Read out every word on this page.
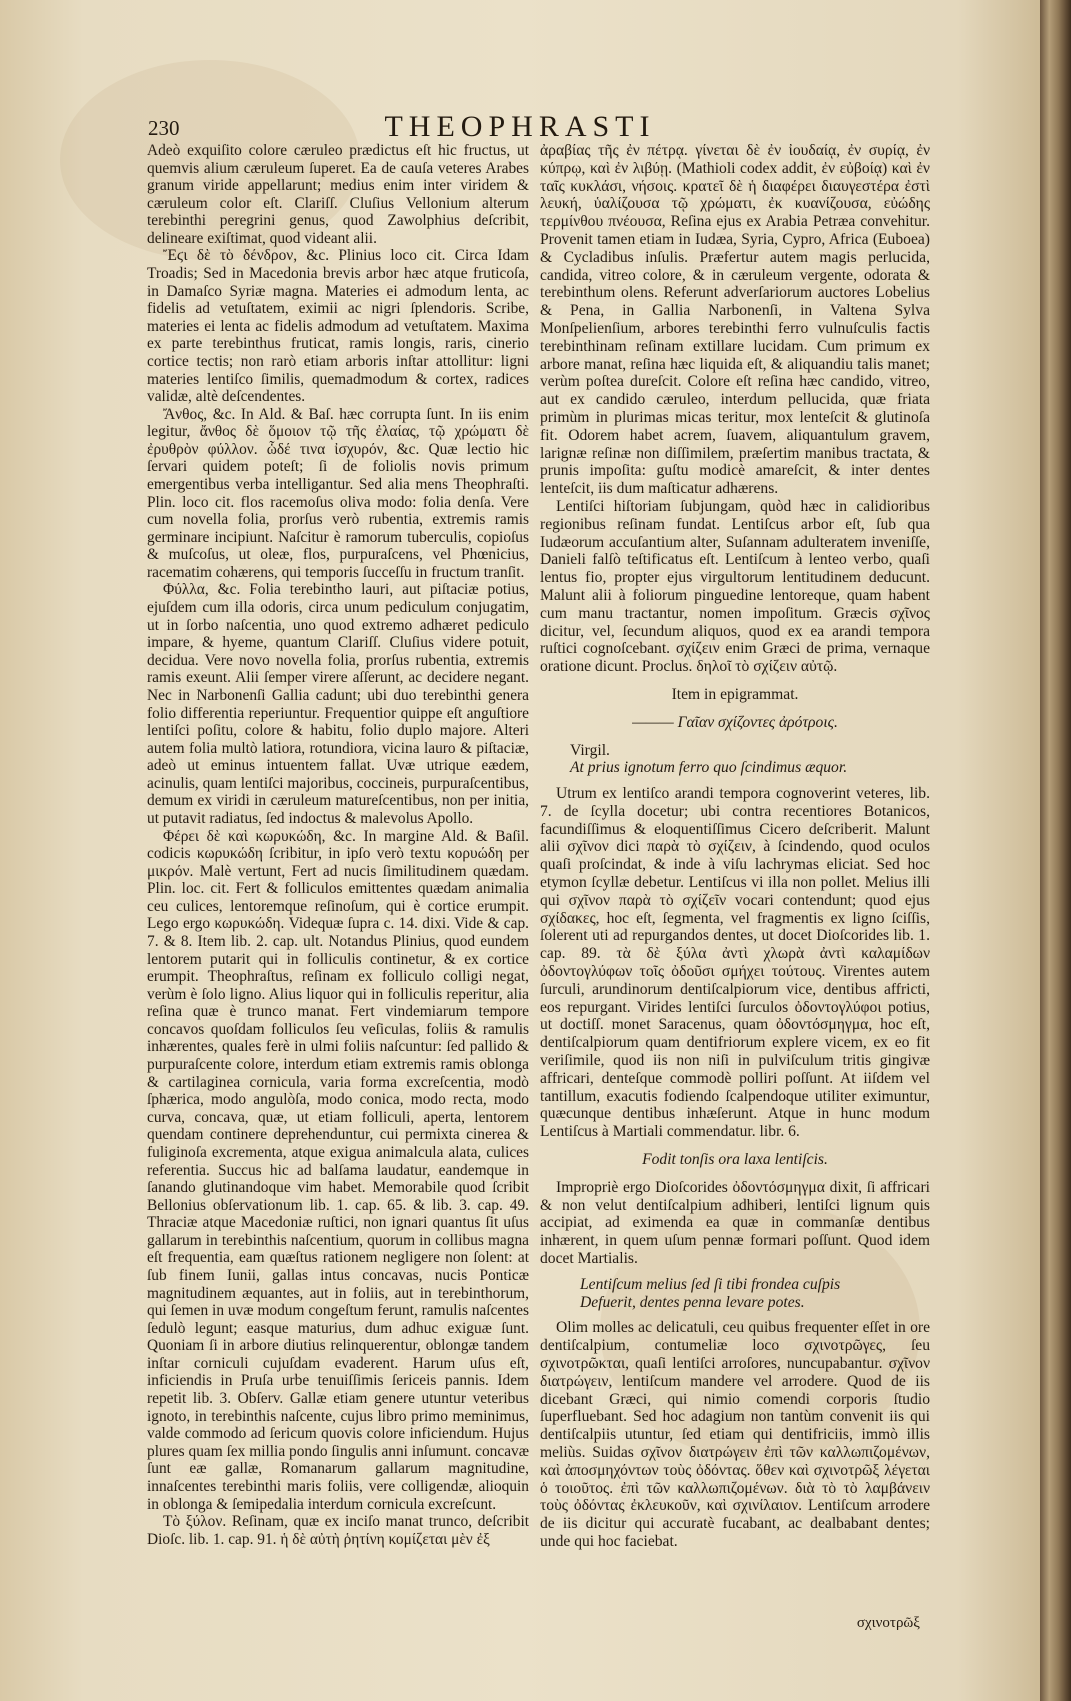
230	THEOPHRASTI

Adeò exquiſito colore cæruleo prædictus eſt hic fructus, ut quemvis alium cæruleum ſuperet. Ea de cauſa veteres Arabes granum viride appellarunt; medius enim inter viridem & cæruleum color eſt. Clariſſ. Cluſius Vellonium alterum terebinthi peregrini genus, quod Zawolphius deſcribit, delineare exiſtimat, quod videant alii.

Ἔϛι δὲ τὸ δένδρον, &c. Plinius loco cit. Circa Idam Troadis; Sed in Macedonia brevis arbor hæc atque fruticoſa, in Damaſco Syriæ magna. Materies ei admodum lenta, ac fidelis ad vetuſtatem, eximii ac nigri ſplendoris. Scribe, materies ei lenta ac fidelis admodum ad vetuſtatem. Maxima ex parte terebinthus fruticat, ramis longis, raris, cinerio cortice tectis; non rarò etiam arboris inſtar attollitur: ligni materies lentiſco ſimilis, quemadmodum & cortex, radices validæ, altè deſcendentes.

Ἄνθος, &c. In Ald. & Baſ. hæc corrupta ſunt. In iis enim legitur, ἄνθος δὲ ὅμοιον τῷ τῆς ἐλαίας, τῷ χρώματι δὲ ἐρυθρὸν φύλλον. ὧδέ τινα ἰσχυρόν, &c. Quæ lectio hic ſervari quidem poteſt; ſi de foliolis novis primum emergentibus verba intelligantur. Sed alia mens Theophraſti. Plin. loco cit. flos racemoſus oliva modo: folia denſa. Vere cum novella folia, prorſus verò rubentia, extremis ramis germinare incipiunt. Naſcitur è ramorum tuberculis, copioſus & muſcoſus, ut oleæ, flos, purpuraſcens, vel Phœnicius, racematim cohærens, qui temporis ſucceſſu in fructum tranſit.

Φύλλα, &c. Folia terebintho lauri, aut piſtaciæ potius, ejuſdem cum illa odoris, circa unum pediculum conjugatim, ut in ſorbo naſcentia, uno quod extremo adhæret pediculo impare, & hyeme, quantum Clariſſ. Cluſius videre potuit, decidua. Vere novo novella folia, prorſus rubentia, extremis ramis exeunt. Alii ſemper virere aſſerunt, ac decidere negant. Nec in Narbonenſi Gallia cadunt; ubi duo terebinthi genera folio differentia reperiuntur. Frequentior quippe eſt anguſtiore lentiſci poſitu, colore & habitu, folio duplo majore. Alteri autem folia multò latiora, rotundiora, vicina lauro & piſtaciæ, adeò ut eminus intuentem fallat. Uvæ utrique eædem, acinulis, quam lentiſci majoribus, coccineis, purpuraſcentibus, demum ex viridi in cæruleum matureſcentibus, non per initia, ut putavit radiatus, ſed indoctus & malevolus Apollo.

Φέρει δὲ καὶ κωρυκώδη, &c. In margine Ald. & Baſil. codicis κωρυκώδη ſcribitur, in ipſo verò textu κορυώδη per μικρόν. Malè vertunt, Fert ad nucis ſimilitudinem quædam. Plin. loc. cit. Fert & folliculos emittentes quædam animalia ceu culices, lentoremque reſinoſum, qui è cortice erumpit. Lego ergo κωρυκώδη. Videquæ ſupra c. 14. dixi. Vide & cap. 7. & 8. Item lib. 2. cap. ult. Notandus Plinius, quod eundem lentorem putarit qui in folliculis continetur, & ex cortice erumpit. Theophraſtus, reſinam ex folliculo colligi negat, verùm è ſolo ligno. Alius liquor qui in folliculis reperitur, alia reſina quæ è trunco manat. Fert vindemiarum tempore concavos quoſdam folliculos ſeu veſiculas, foliis & ramulis inhærentes, quales ferè in ulmi foliis naſcuntur: ſed pallido & purpuraſcente colore, interdum etiam extremis ramis oblonga & cartilaginea cornicula, varia forma excreſcentia, modò ſphærica, modo angulòſa, modo conica, modo recta, modo curva, concava, quæ, ut etiam folliculi, aperta, lentorem quendam continere deprehenduntur, cui permixta cinerea & fuliginoſa excrementa, atque exigua animalcula alata, culices referentia. Succus hic ad balſama laudatur, eandemque in ſanando glutinandoque vim habet. Memorabile quod ſcribit Bellonius obſervationum lib. 1. cap. 65. & lib. 3. cap. 49. Thraciæ atque Macedoniæ ruſtici, non ignari quantus ſit uſus gallarum in terebinthis naſcentium, quorum in collibus magna eſt frequentia, eam quæſtus rationem negligere non ſolent: at ſub finem Iunii, gallas intus concavas, nucis Ponticæ magnitudinem æquantes, aut in foliis, aut in terebinthorum, qui ſemen in uvæ modum congeſtum ferunt, ramulis naſcentes ſedulò legunt; easque maturius, dum adhuc exiguæ ſunt. Quoniam ſi in arbore diutius relinquerentur, oblongæ tandem inſtar corniculi cujuſdam evaderent. Harum uſus eſt, inficiendis in Pruſa urbe tenuiſſimis ſericeis pannis. Idem repetit lib. 3. Obſerv. Gallæ etiam genere utuntur veteribus ignoto, in terebinthis naſcente, cujus libro primo meminimus, valde commodo ad ſericum quovis colore inficiendum. Hujus plures quam ſex millia pondo ſingulis anni inſumunt. concavæ ſunt eæ gallæ, Romanarum gallarum magnitudine, innaſcentes terebinthi maris foliis, vere colligendæ, alioquin in oblonga & ſemipedalia interdum cornicula excreſcunt.

Τὸ ξύλον. Reſinam, quæ ex inciſo manat trunco, deſcribit Dioſc. lib. 1. cap. 91. ἡ δὲ αὐτὴ ῥητίνη κομίζεται μὲν ἐξ

ἀραβίας τῆς ἐν πέτρᾳ. γίνεται δὲ ἐν ἰουδαίᾳ, ἐν συρίᾳ, ἐν κύπρῳ, καὶ ἐν λιβύῃ. (Mathioli codex addit, ἐν εὐβοίᾳ) καὶ ἐν ταῖς κυκλάσι, νήσοις. κρατεῖ δὲ ἡ διαφέρει διαυγεστέρα ἐστὶ λευκή, ὑαλίζουσα τῷ χρώματι, ἐκ κυανίζουσα, εὐώδης τερμίνθου πνέουσα, Reſina ejus ex Arabia Petræa convehitur. Provenit tamen etiam in Iudæa, Syria, Cypro, Africa (Euboea) & Cycladibus inſulis. Præfertur autem magis perlucida, candida, vitreo colore, & in cæruleum vergente, odorata & terebinthum olens. Referunt adverſariorum auctores Lobelius & Pena, in Gallia Narbonenſi, in Valtena Sylva Monſpelienſium, arbores terebinthi ferro vulnuſculis factis terebinthinam reſinam extillare lucidam. Cum primum ex arbore manat, reſina hæc liquida eſt, & aliquandiu talis manet; verùm poſtea dureſcit. Colore eſt reſina hæc candido, vitreo, aut ex candido cæruleo, interdum pellucida, quæ friata primùm in plurimas micas teritur, mox lenteſcit & glutinoſa fit. Odorem habet acrem, ſuavem, aliquantulum gravem, larignæ reſinæ non diſſimilem, præſertim manibus tractata, & prunis impoſita: guſtu modicè amareſcit, & inter dentes lenteſcit, iis dum maſticatur adhærens.

Lentiſci hiſtoriam ſubjungam, quòd hæc in calidioribus regionibus reſinam fundat. Lentiſcus arbor eſt, ſub qua Iudæorum accuſantium alter, Suſannam adulteratem inveniſſe, Danieli falſò teſtificatus eſt. Lentiſcum à lenteo verbo, quaſi lentus fio, propter ejus virgultorum lentitudinem deducunt. Malunt alii à foliorum pinguedine lentoreque, quam habent cum manu tractantur, nomen impoſitum. Græcis σχῖνος dicitur, vel, ſecundum aliquos, quod ex ea arandi tempora ruſtici cognoſcebant. σχίζειν enim Græci de prima, vernaque oratione dicunt. Proclus. δηλοῖ τὸ σχίζειν αὐτῷ.

Item in epigrammat.
——— Γαῖαν σχίζοντες ἀρότροις.
Virgil.
At prius ignotum ferro quo ſcindimus æquor.

Utrum ex lentiſco arandi tempora cognoverint veteres, lib. 7. de ſcylla docetur; ubi contra recentiores Botanicos, facundiſſimus & eloquentiſſimus Cicero deſcriberit. Malunt alii σχῖνον dici παρὰ τὸ σχίζειν, à ſcindendo, quod oculos quaſi proſcindat, & inde à viſu lachrymas eliciat. Sed hoc etymon ſcyllæ debetur. Lentiſcus vi illa non pollet. Melius illi qui σχῖνον παρὰ τὸ σχίζεῖν vocari contendunt; quod ejus σχίδακες, hoc eſt, ſegmenta, vel fragmentis ex ligno ſciſſis, ſolerent uti ad repurgandos dentes, ut docet Dioſcorides lib. 1. cap. 89. τὰ δὲ ξύλα ἀντὶ χλωρὰ ἀντὶ καλαμίδων ὀδοντογλύφων τοῖς ὀδοῦσι σμήχει τούτους. Virentes autem ſurculi, arundinorum dentiſcalpiorum vice, dentibus affricti, eos repurgant. Virides lentiſci ſurculos ὀδοντογλύφοι potius, ut doctiſſ. monet Saracenus, quam ὀδοντόσμηγμα, hoc eſt, dentiſcalpiorum quam dentifriorum explere vicem, ex eo fit veriſimile, quod iis non niſi in pulviſculum tritis gingivæ affricari, denteſque commodè polliri poſſunt. At iiſdem vel tantillum, exacutis fodiendo ſcalpendoque utiliter eximuntur, quæcunque dentibus inhæſerunt. Atque in hunc modum Lentiſcus à Martiali commendatur. libr. 6.

Fodit tonſis ora laxa lentiſcis.

Impropriè ergo Dioſcorides ὀδοντόσμηγμα dixit, ſi affricari & non velut dentiſcalpium adhiberi, lentiſci lignum quis accipiat, ad eximenda ea quæ in commanſæ dentibus inhærent, in quem uſum pennæ formari poſſunt. Quod idem docet Martialis.

Lentiſcum melius ſed ſi tibi frondea cuſpis
Defuerit, dentes penna levare potes.

Olim molles ac delicatuli, ceu quibus frequenter eſſet in ore dentiſcalpium, contumeliæ loco σχινοτρῶγες, ſeu σχινοτρῶκται, quaſi lentiſci arroſores, nuncupabantur. σχῖνον διατρώγειν, lentiſcum mandere vel arrodere. Quod de iis dicebant Græci, qui nimio comendi corporis ſtudio ſuperfluebant. Sed hoc adagium non tantùm convenit iis qui dentiſcalpiis utuntur, ſed etiam qui dentifriciis, immò illis meliùs. Suidas σχῖνον διατρώγειν ἐπὶ τῶν καλλωπιζομένων, καὶ ἀποσμηχόντων τοὺς ὀδόντας. ὅθεν καὶ σχινοτρῶξ λέγεται ὁ τοιοῦτος. ἐπὶ τῶν καλλωπιζομένων. διὰ τὸ τὸ λαμβάνειν τοὺς ὀδόντας ἐκλευκοῦν, καὶ σχινίλαιον. Lentiſcum arrodere de iis dicitur qui accuratè fucabant, ac dealbabant dentes; unde qui hoc faciebat.

σχινοτρῶξ
